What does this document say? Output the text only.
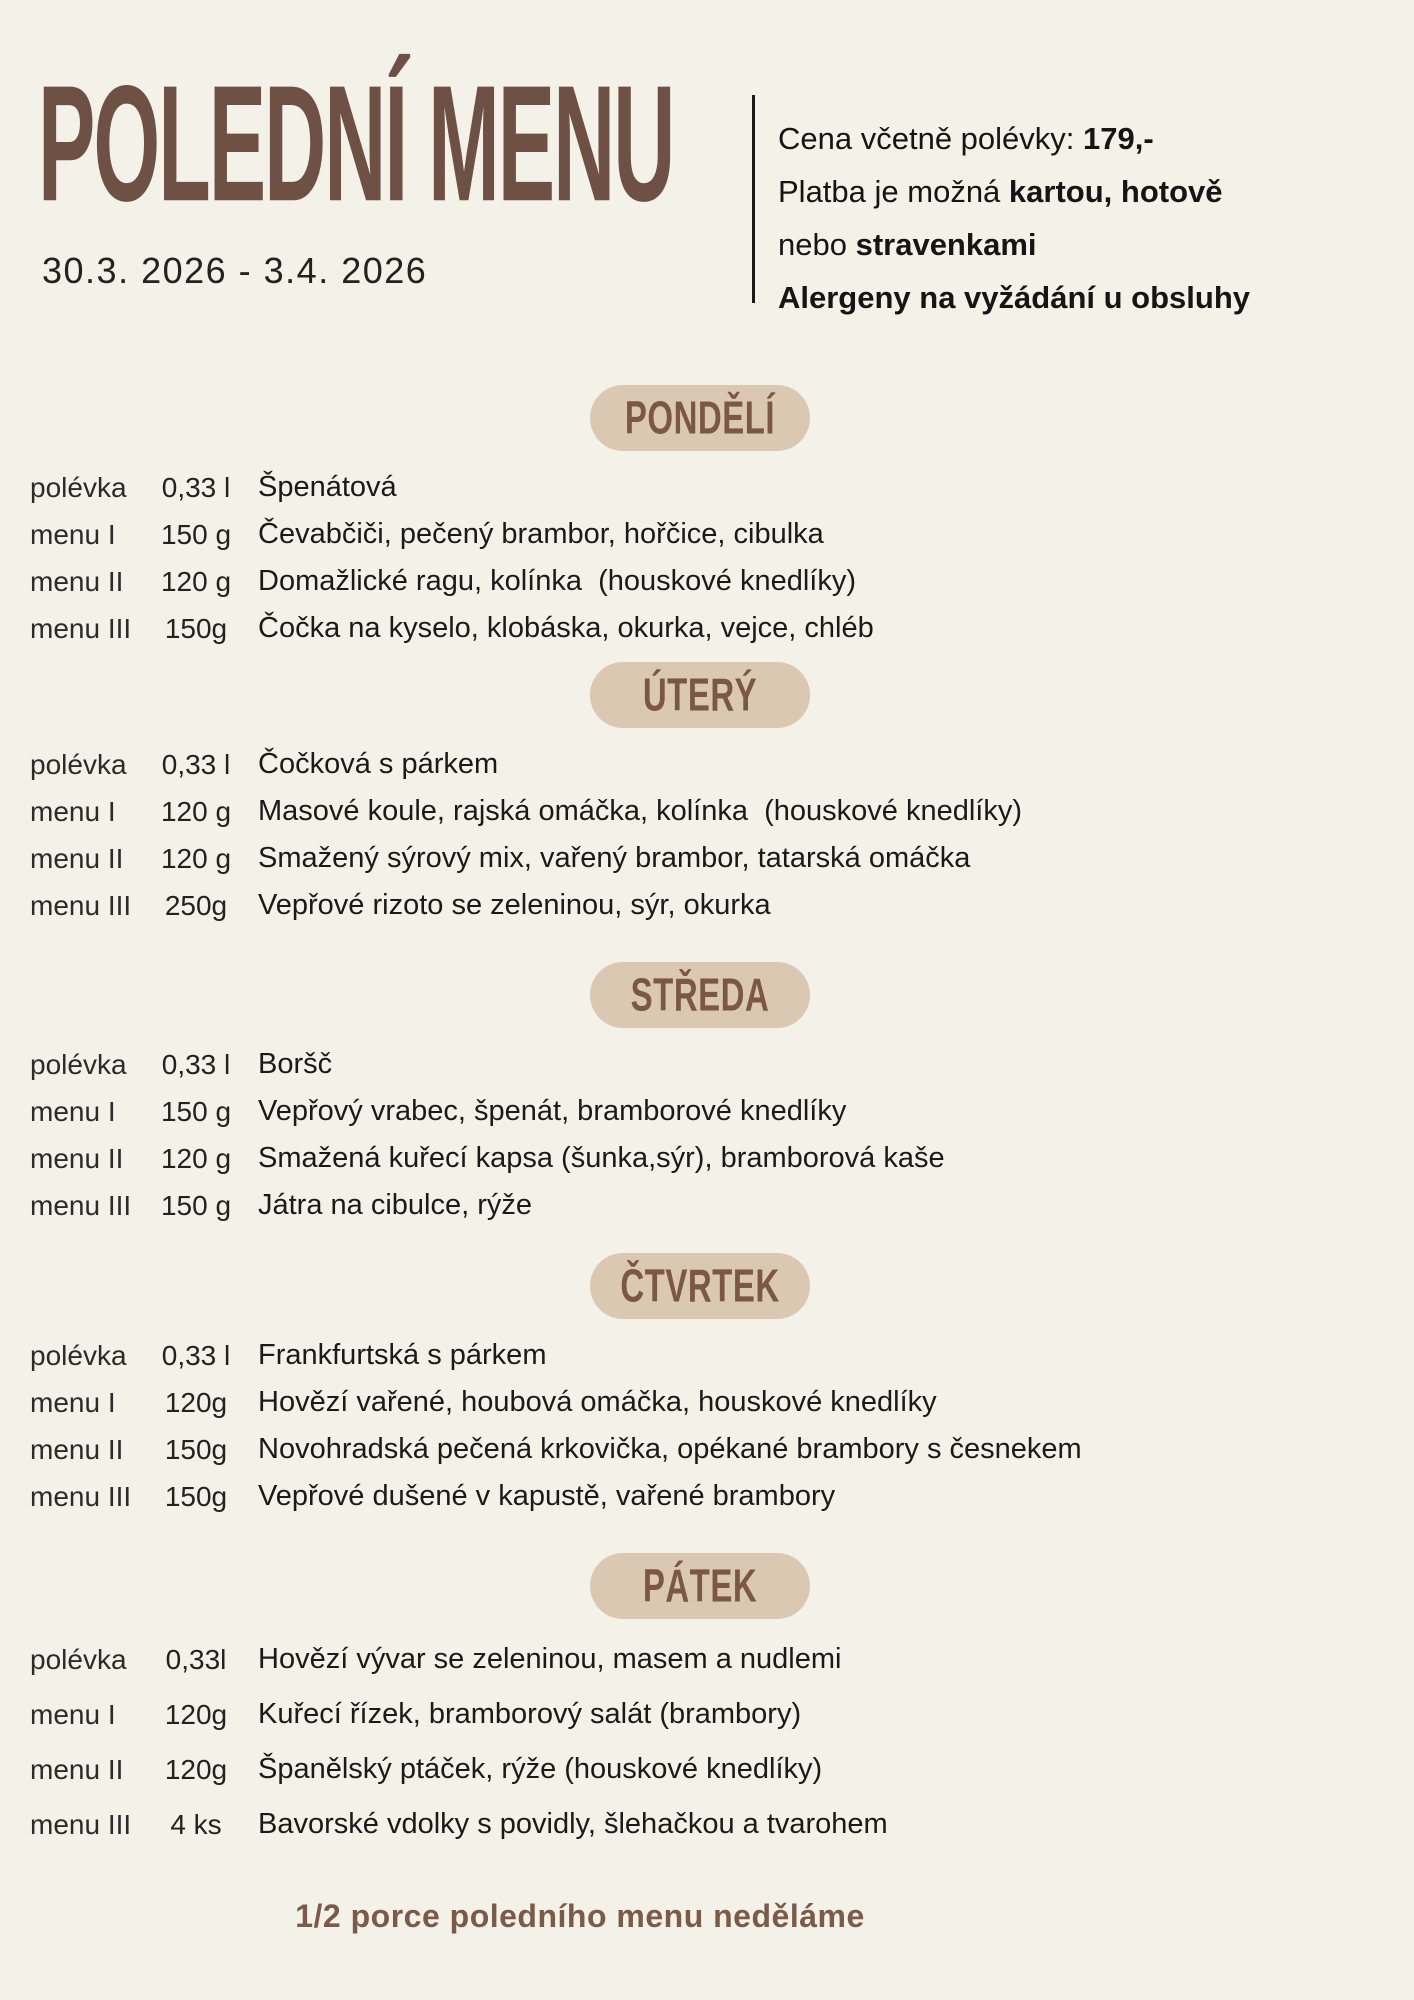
POLEDNÍ MENU
30.3. 2026 - 3.4. 2026

Cena včetně polévky: 179,-

Platba je možná kartou, hotově

nebo stravenkami

Alergeny na vyžádání u obsluhy

PONDĚLÍ
polévka	0,33 l Špenátová
menu I	150 g Čevabčiči, pečený brambor, hořčice, cibulka
menu II	120 g Domažlické ragu, kolínka  (houskové knedlíky)
menu III	150g	Čočka na kyselo, klobáska, okurka, vejce, chléb
ÚTERÝ
polévka	0,33 l Čočková s párkem
menu I	120 g Masové koule, rajská omáčka, kolínka  (houskové knedlíky)
menu II	120 g Smažený sýrový mix, vařený brambor, tatarská omáčka
menu III	250g	Vepřové rizoto se zeleninou, sýr, okurka
STŘEDA
polévka	0,33 l Boršč
menu I	150 g Vepřový vrabec, špenát, bramborové knedlíky
menu II	120 g Smažená kuřecí kapsa (šunka,sýr), bramborová kaše
menu III	150 g Játra na cibulce, rýže
ČTVRTEK
polévka	0,33 l Frankfurtská s párkem
menu I	120g	Hovězí vařené, houbová omáčka, houskové knedlíky
menu II	150g	Novohradská pečená krkovička, opékané brambory s česnekem
menu III	150g	Vepřové dušené v kapustě, vařené brambory
PÁTEK
polévka	0,33l	Hovězí vývar se zeleninou, masem a nudlemi
menu I	120g	Kuřecí řízek, bramborový salát (brambory)
menu II	120g	Španělský ptáček, rýže (houskové knedlíky)
menu III	4 ks	Bavorské vdolky s povidly, šlehačkou a tvarohem
1/2 porce poledního menu neděláme
